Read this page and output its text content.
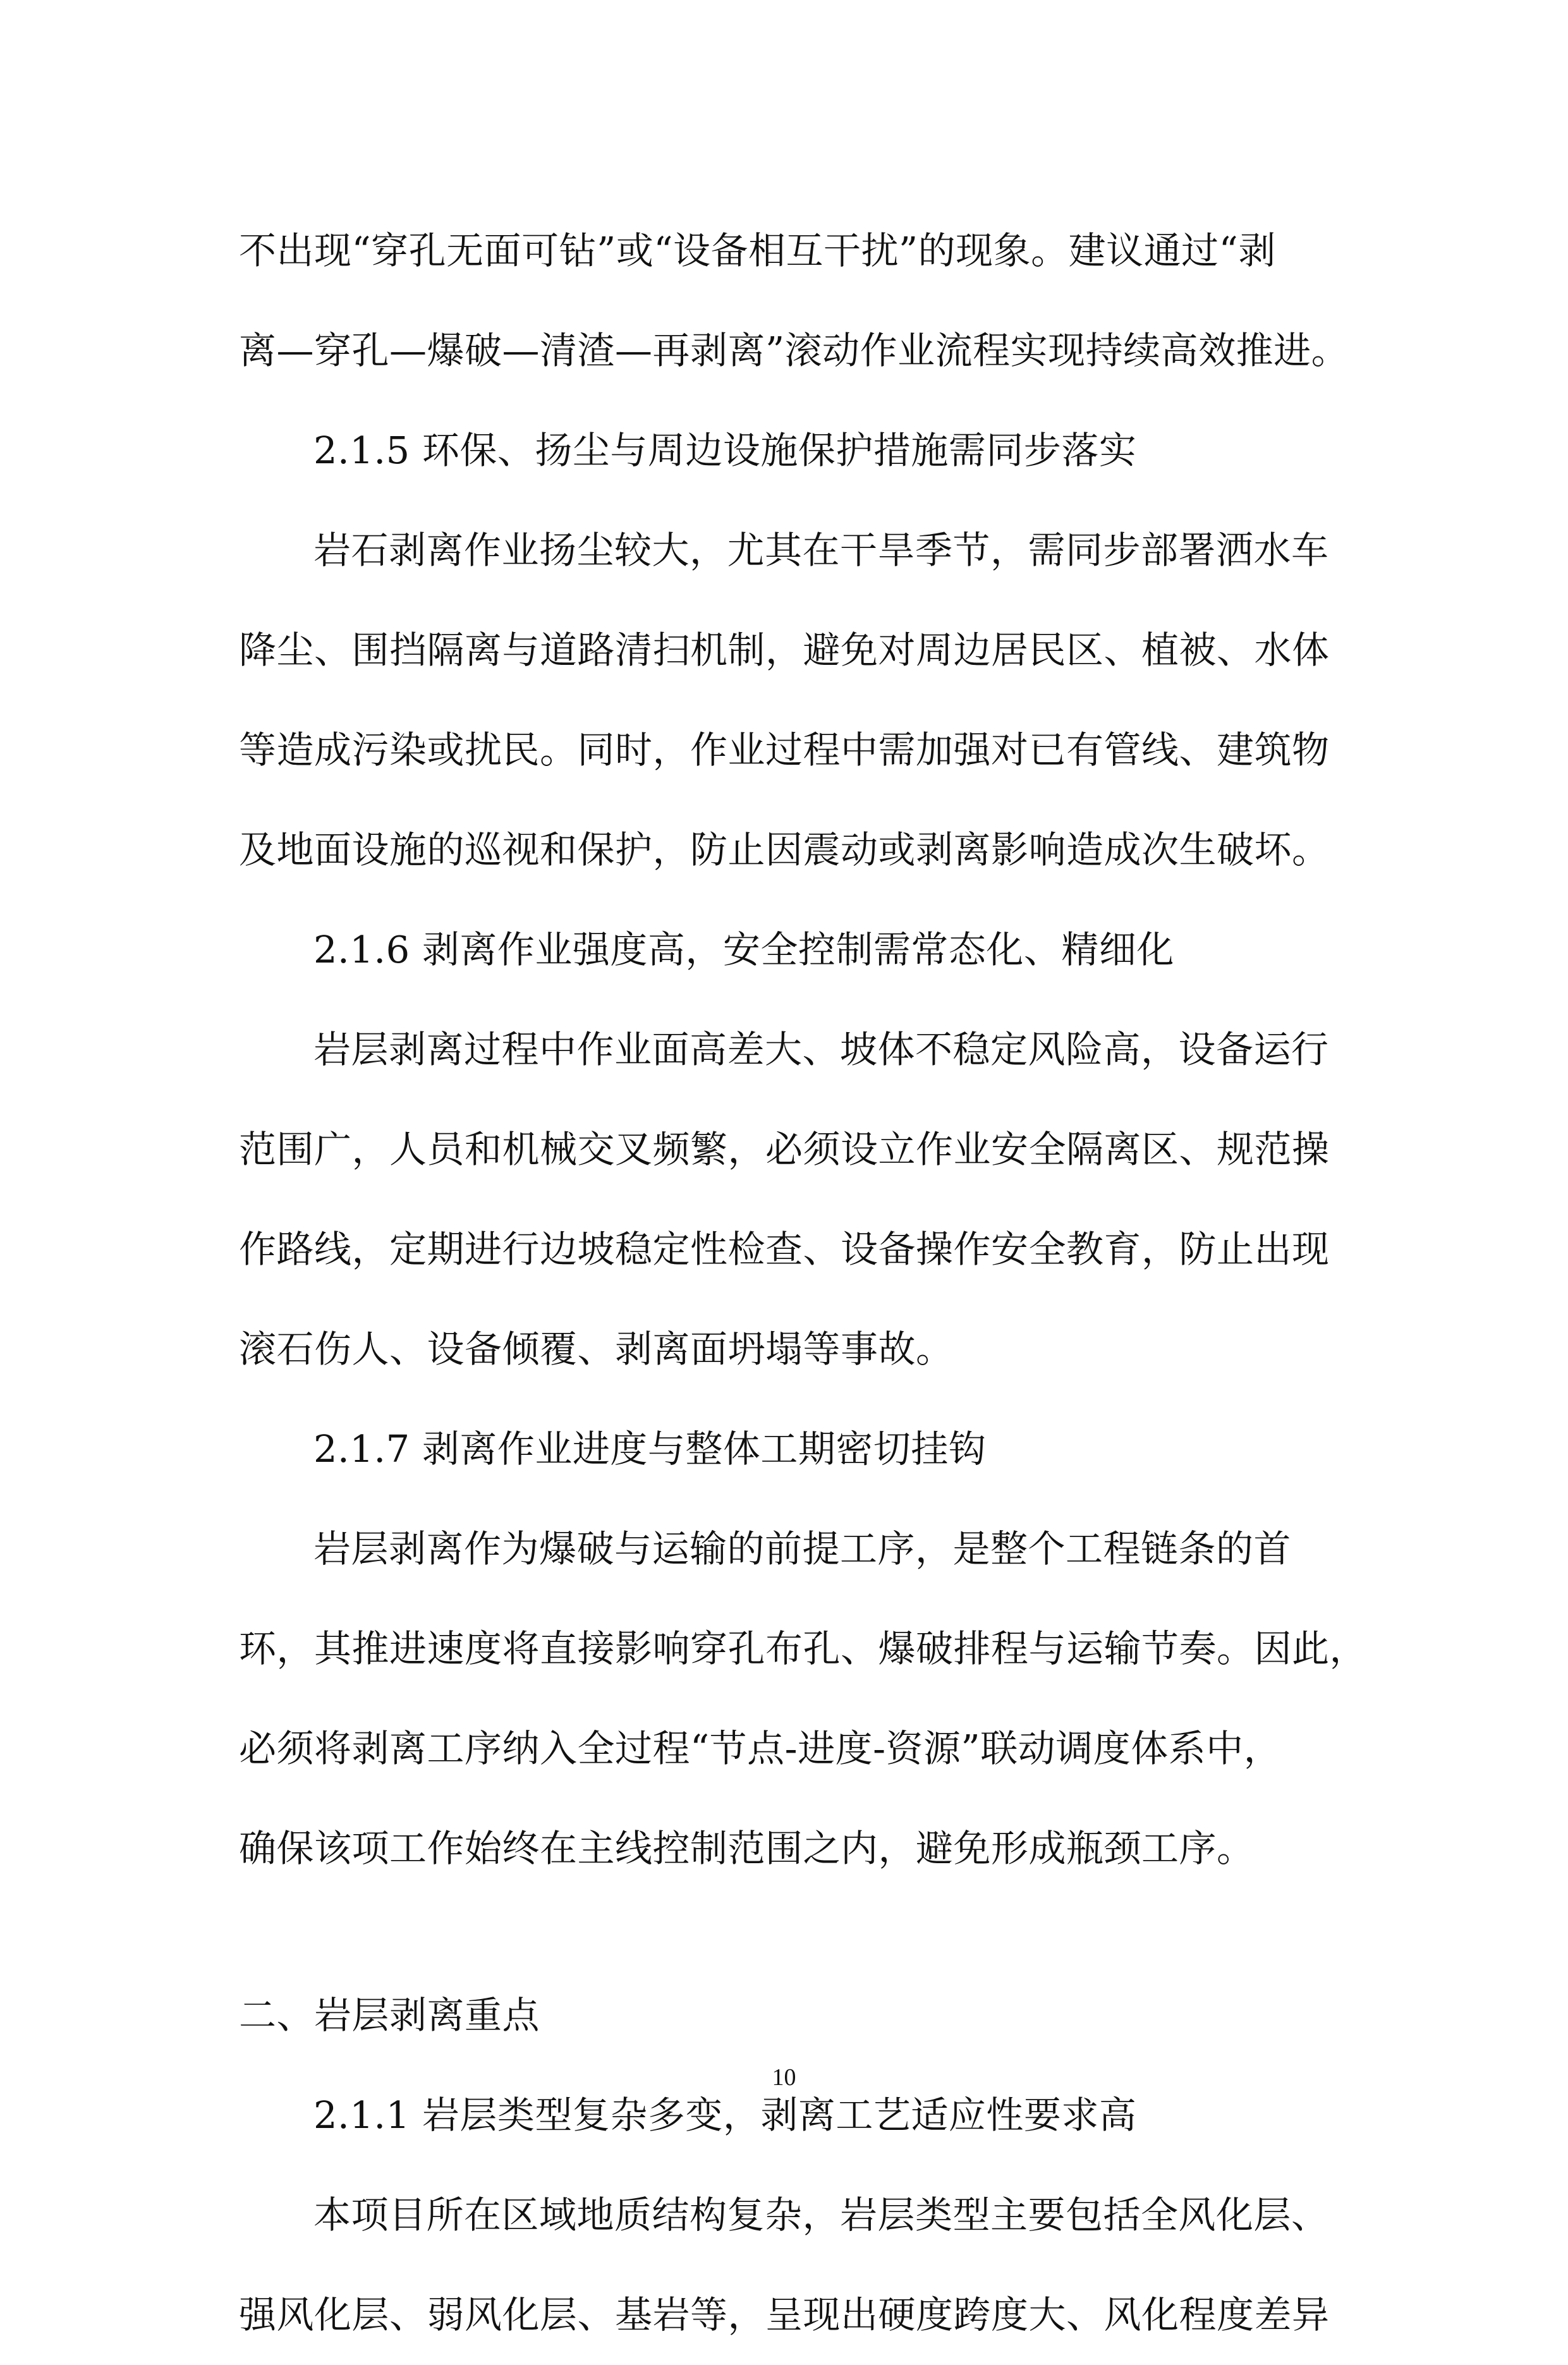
不出现“穿孔无面可钻”或“设备相互干扰”的现象。建议通过“剥
离—穿孔—爆破—清渣—再剥离”滚动作业流程实现持续高效推进。
2.1.5 环保、扬尘与周边设施保护措施需同步落实
岩石剥离作业扬尘较大，尤其在干旱季节，需同步部署洒水车
降尘、围挡隔离与道路清扫机制，避免对周边居民区、植被、水体
等造成污染或扰民。同时，作业过程中需加强对已有管线、建筑物
及地面设施的巡视和保护，防止因震动或剥离影响造成次生破坏。
2.1.6 剥离作业强度高，安全控制需常态化、精细化
岩层剥离过程中作业面高差大、坡体不稳定风险高，设备运行
范围广，人员和机械交叉频繁，必须设立作业安全隔离区、规范操
作路线，定期进行边坡稳定性检查、设备操作安全教育，防止出现
滚石伤人、设备倾覆、剥离面坍塌等事故。
2.1.7 剥离作业进度与整体工期密切挂钩
岩层剥离作为爆破与运输的前提工序，是整个工程链条的首
环，其推进速度将直接影响穿孔布孔、爆破排程与运输节奏。因此，
必须将剥离工序纳入全过程“节点-进度-资源”联动调度体系中，
确保该项工作始终在主线控制范围之内，避免形成瓶颈工序。
二、岩层剥离重点
2.1.1 岩层类型复杂多变，剥离工艺适应性要求高
本项目所在区域地质结构复杂，岩层类型主要包括全风化层、
强风化层、弱风化层、基岩等，呈现出硬度跨度大、风化程度差异
10
